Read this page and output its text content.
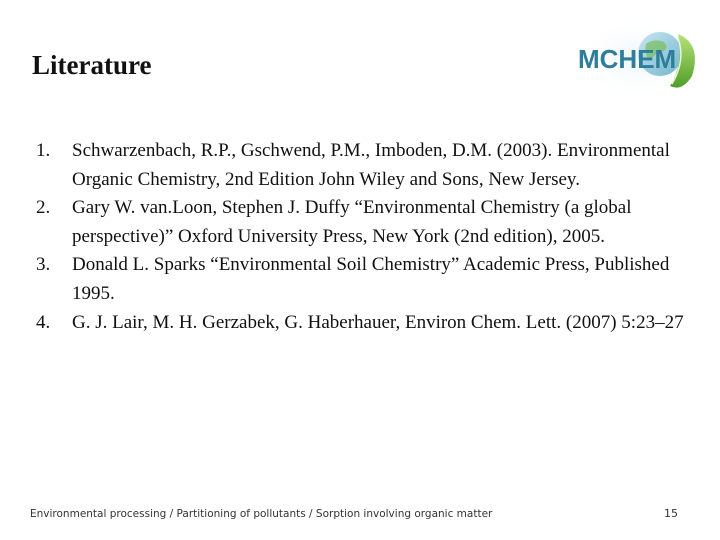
Literature	MCHEM
1. Schwarzenbach, R.P., Gschwend, P.M., Imboden, D.M. (2003). Environmental Organic Chemistry, 2nd Edition John Wiley and Sons, New Jersey.
2. Gary W. van.Loon, Stephen J. Duffy “Environmental Chemistry (a global perspective)” Oxford University Press, New York (2nd edition), 2005.
3. Donald L. Sparks “Environmental Soil Chemistry” Academic Press, Published 1995.
4. G. J. Lair, M. H. Gerzabek, G. Haberhauer, Environ Chem. Lett. (2007) 5:23–27
Environmental processing / Partitioning of pollutants / Sorption involving organic matter	15
